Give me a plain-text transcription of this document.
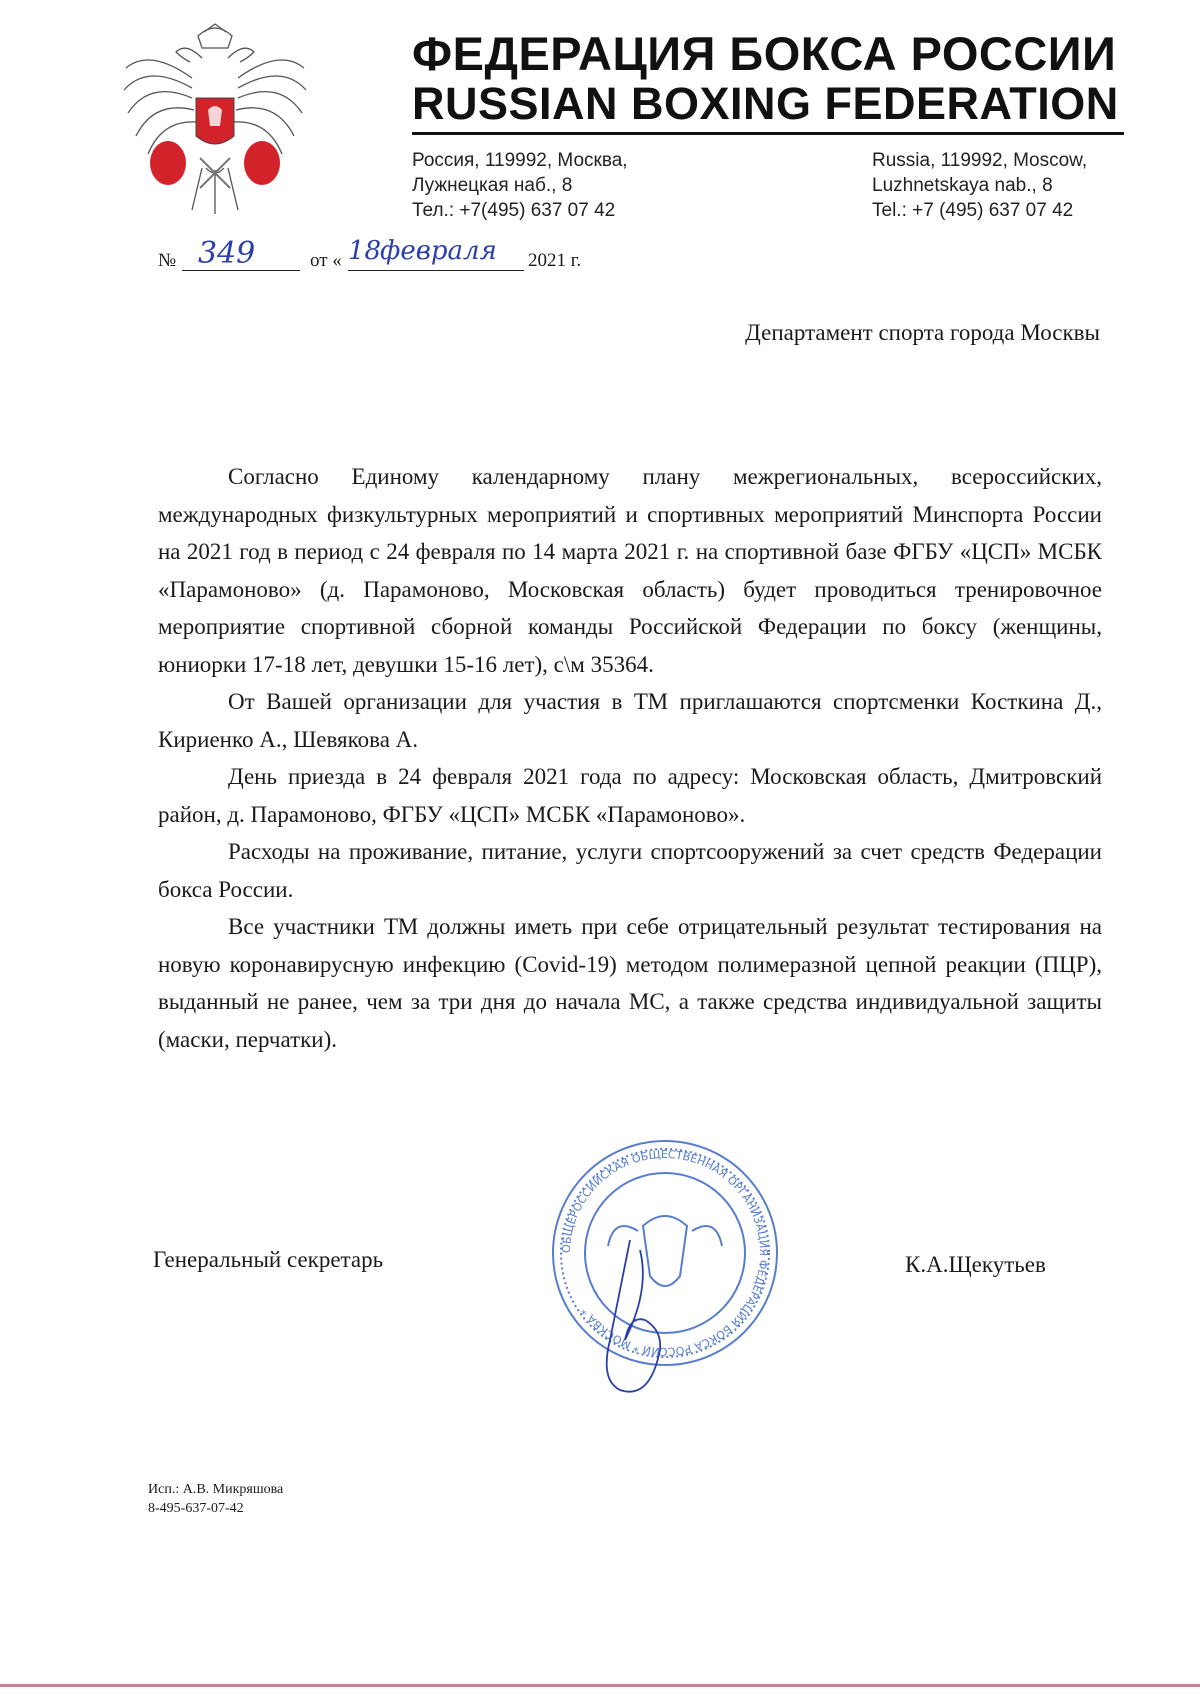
ФЕДЕРАЦИЯ БОКСА РОССИИ
RUSSIAN BOXING FEDERATION
Россия, 119992, Москва,
Лужнецкая наб., 8
Тел.: +7(495) 637 07 42
Russia, 119992, Moscow,
Luzhnetskaya nab., 8
Tel.: +7 (495) 637 07 42
№ 349	от « 18
февраля 2021 г.
Департамент спорта города Москвы

Согласно Единому календарному плану межрегиональных, всероссийских, международных физкультурных мероприятий и спортивных мероприятий Минспорта России на 2021 год в период с 24 февраля по 14 марта 2021 г. на спортивной базе ФГБУ «ЦСП» МСБК «Парамоново» (д. Парамоново, Московская область) будет проводиться тренировочное мероприятие спортивной сборной команды Российской Федерации по боксу (женщины, юниорки 17-18 лет, девушки 15-16 лет), с\м 35364.

От Вашей организации для участия в ТМ приглашаются спортсменки Косткина Д., Кириенко А., Шевякова А.

День приезда в 24 февраля 2021 года по адресу: Московская область, Дмитровский район, д. Парамоново, ФГБУ «ЦСП» МСБК «Парамоново».

Расходы на проживание, питание, услуги спортсооружений за счет средств Федерации бокса России.

Все участники ТМ должны иметь при себе отрицательный результат тестирования на новую коронавирусную инфекцию (Covid-19) методом полимеразной цепной реакции (ПЦР), выданный не ранее, чем за три дня до начала МС, а также средства индивидуальной защиты (маски, перчатки).

Генеральный секретарь	К.А.Щекутьев
ОБЩЕРОССИЙСКАЯ ОБЩЕСТВЕННАЯ ОРГАНИЗАЦИЯ ФЕДЕРАЦИЯ БОКСА РОССИИ * МОСКВА *
Исп.: А.В. Микряшова
8-495-637-07-42
